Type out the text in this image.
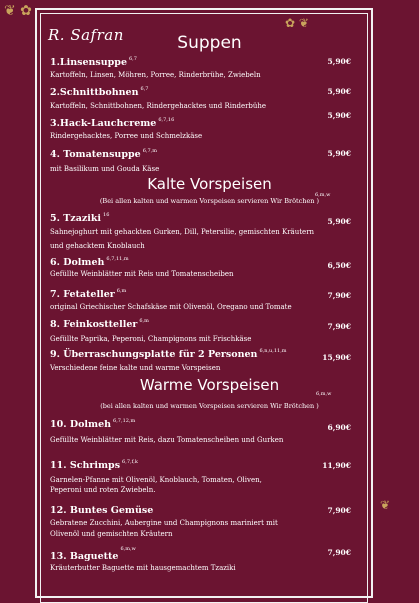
❦ ✿
✿ ❦
❦
R. Safran	Suppen
1.Linsensuppe $^{6,7}$	5,90€
Kartoffeln, Linsen, Möhren, Porree, Rinderbrühe, Zwiebeln
2.Schnittbohnen $^{6,7}$	5,90€
Kartoffeln, Schnittbohnen, Rindergehacktes und Rinderbühe
3.Hack-Lauchcreme $^{6,7,16}$	5,90€
Rindergehacktes, Porree und Schmelzkäse
4. Tomatensuppe $^{6,7,m}$	5,90€
mit Basilikum und Gouda Käse
Kalte Vorspeisen
(Bei allen kalten und warmen Vorspeisen servieren Wir Brötchen )
6,m,w
5. Tzaziki $^{16}$
5,90€
Sahnejoghurt mit gehackten Gurken, Dill, Petersilie, gemischten Kräutern
und gehacktem Knoblauch
6. Dolmeh $^{6,7,11,m}$
6,50€
Gefüllte Weinblätter mit Reis und Tomatenscheiben
7. Fetateller $^{6,m}$	7,90€
original Griechischer Schafskäse mit Olivenöl, Oregano und Tomate
8. Feinkostteller $^{6,m}$
7,90€
Gefüllte Paprika, Peperoni, Champignons mit Frischkäse
9. Überraschungsplatte für 2 Personen $^{6,n,u,11,m}$
15,90€
Verschiedene feine kalte und warme Vorspeisen
Warme Vorspeisen	6,m,w
(bei allen kalten und warmen Vorspeisen servieren Wir Brötchen )
10. Dolmeh $^{6,7,12,m}$
6,90€
Gefüllte Weinblätter mit Reis, dazu Tomatenscheiben und Gurken
11. Schrimps $^{6,7,f,k}$	11,90€
Garnelen-Pfanne mit Olivenöl, Knoblauch, Tomaten, Oliven,
Peperoni und roten Zwiebeln.
12. Buntes Gemüse	7,90€
Gebratene Zucchini, Aubergine und Champignons mariniert mit
Olivenöl und gemischten Kräutern
13. Baguette$^{6,m,w}$	7,90€
Kräuterbutter Baguette mit hausgemachtem Tzaziki
